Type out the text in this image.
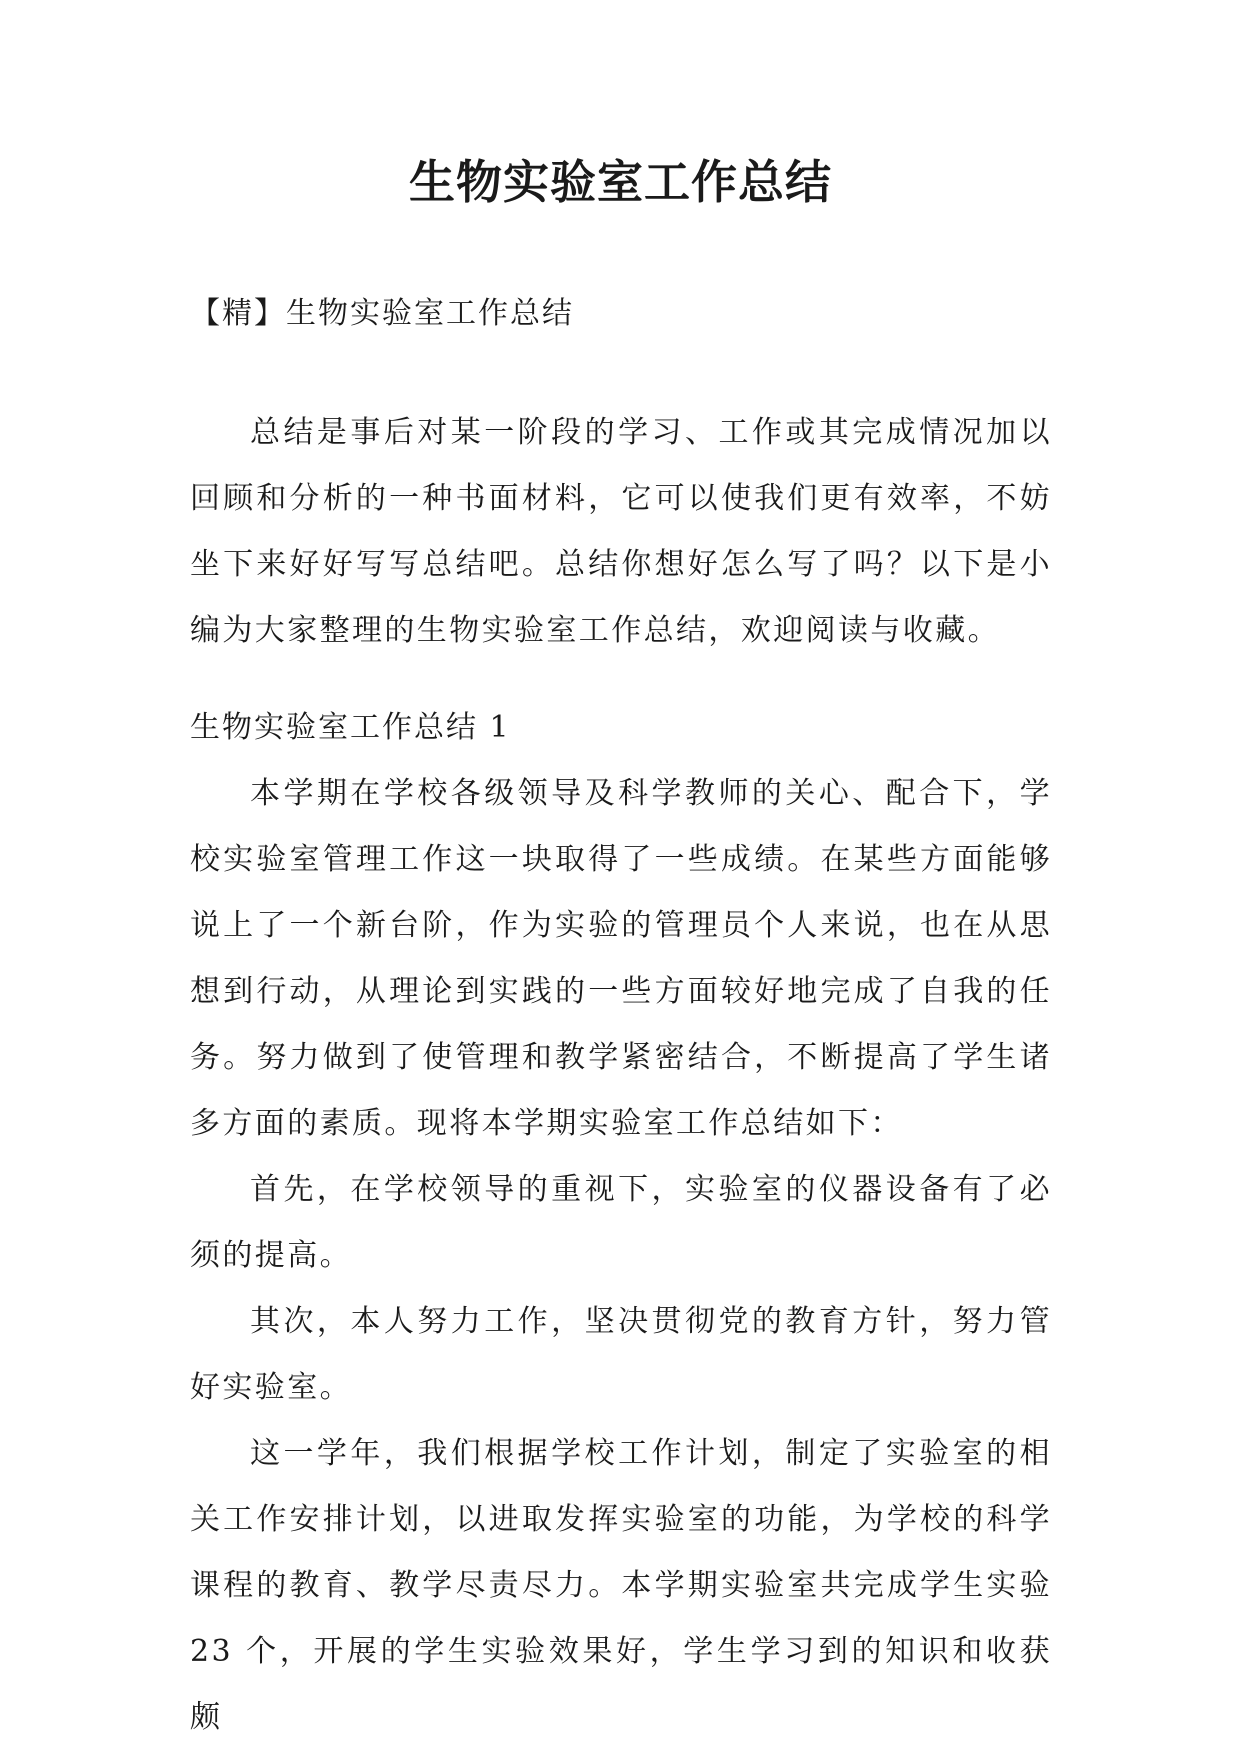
生物实验室工作总结
【精】生物实验室工作总结

总结是事后对某一阶段的学习、工作或其完成情况加以回顾和分析的一种书面材料，它可以使我们更有效率，不妨坐下来好好写写总结吧。总结你想好怎么写了吗？以下是小编为大家整理的生物实验室工作总结，欢迎阅读与收藏。

生物实验室工作总结 1

本学期在学校各级领导及科学教师的关心、配合下，学校实验室管理工作这一块取得了一些成绩。在某些方面能够说上了一个新台阶，作为实验的管理员个人来说，也在从思想到行动，从理论到实践的一些方面较好地完成了自我的任务。努力做到了使管理和教学紧密结合，不断提高了学生诸多方面的素质。现将本学期实验室工作总结如下：

首先，在学校领导的重视下，实验室的仪器设备有了必须的提高。

其次，本人努力工作，坚决贯彻党的教育方针，努力管好实验室。

这一学年，我们根据学校工作计划，制定了实验室的相关工作安排计划，以进取发挥实验室的功能，为学校的科学课程的教育、教学尽责尽力。本学期实验室共完成学生实验23 个，开展的学生实验效果好，学生学习到的知识和收获颇
